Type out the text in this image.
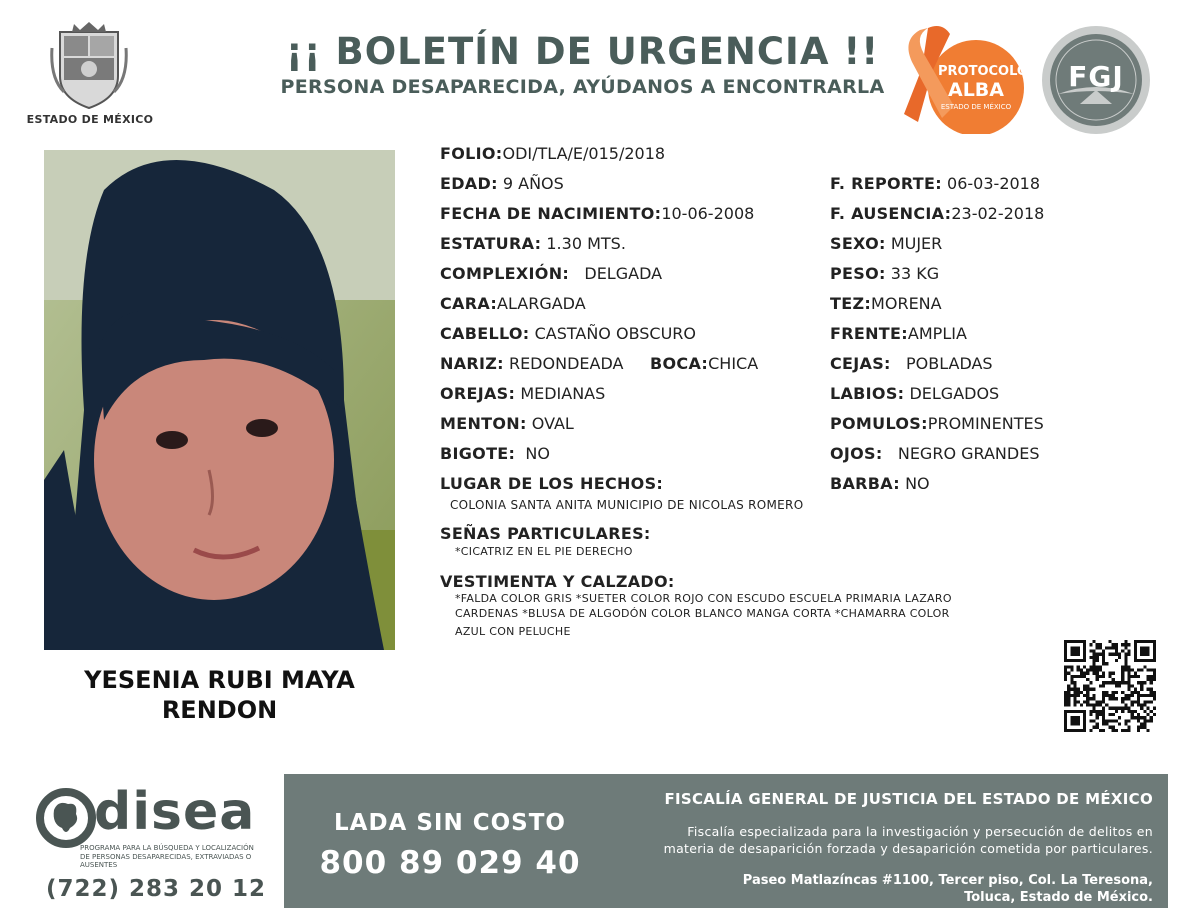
ESTADO DE MÉXICO
¡¡ BOLETÍN DE URGENCIA !!
PERSONA DESAPARECIDA, AYÚDANOS A ENCONTRARLA
PROTOCOLO
ALBA
ESTADO DE MÉXICO
FGJ
YESENIA RUBI MAYA
RENDON
FOLIO:ODI/TLA/E/015/2018
EDAD: 9 AÑOS
FECHA DE NACIMIENTO:10-06-2008
ESTATURA: 1.30 MTS.
COMPLEXIÓN: DELGADA
CARA:ALARGADA
CABELLO: CASTAÑO OBSCURO
NARIZ: REDONDEADA BOCA:CHICA
OREJAS: MEDIANAS
MENTON: OVAL
BIGOTE: NO
LUGAR DE LOS HECHOS:
COLONIA SANTA ANITA MUNICIPIO DE NICOLAS ROMERO
SEÑAS PARTICULARES:
*CICATRIZ EN EL PIE DERECHO
VESTIMENTA Y CALZADO:
*FALDA COLOR GRIS *SUETER COLOR ROJO CON ESCUDO ESCUELA PRIMARIA LAZARO
CARDENAS *BLUSA DE ALGODÓN COLOR BLANCO MANGA CORTA *CHAMARRA COLOR
AZUL CON PELUCHE
F. REPORTE: 06-03-2018
F. AUSENCIA:23-02-2018
SEXO: MUJER
PESO: 33 KG
TEZ:MORENA
FRENTE:AMPLIA
CEJAS: POBLADAS
LABIOS: DELGADOS
POMULOS:PROMINENTES
OJOS: NEGRO GRANDES
BARBA: NO
disea
PROGRAMA PARA LA BÚSQUEDA Y LOCALIZACIÓN
DE PERSONAS DESAPARECIDAS, EXTRAVIADAS O
AUSENTES
(722) 283 20 12
LADA SIN COSTO
800 89 029 40
FISCALÍA GENERAL DE JUSTICIA DEL ESTADO DE MÉXICO
Fiscalía especializada para la investigación y persecución de delitos en
materia de desaparición forzada y desaparición cometida por particulares.
Paseo Matlazíncas #1100, Tercer piso, Col. La Teresona,
Toluca, Estado de México.
